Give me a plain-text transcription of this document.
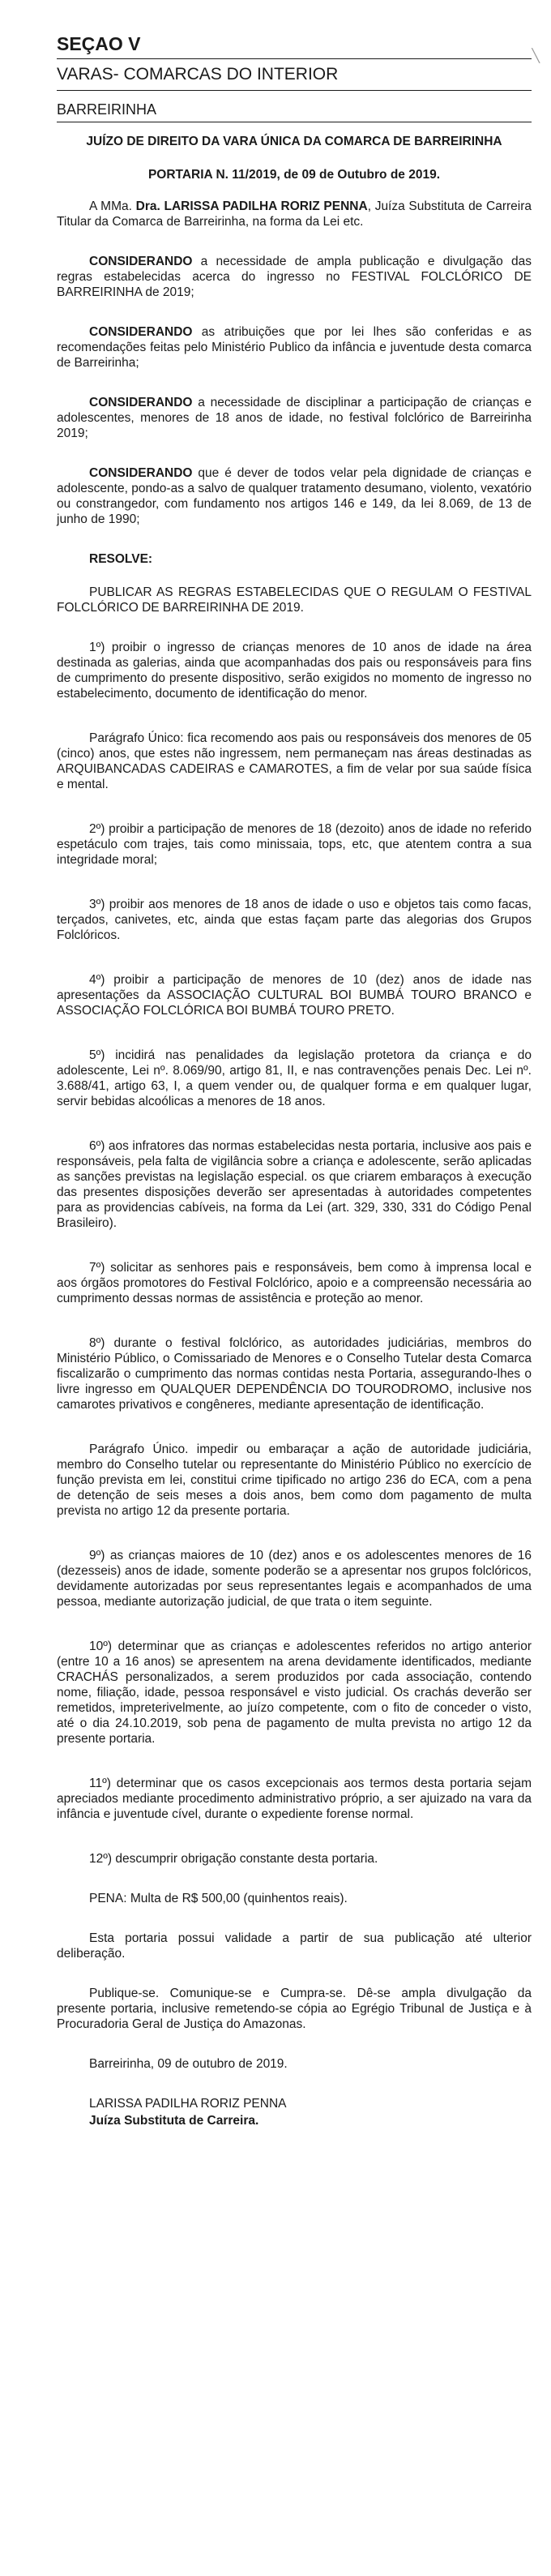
╲
SEÇAO V
VARAS- COMARCAS DO INTERIOR
BARREIRINHA
JUÍZO DE DIREITO DA VARA ÚNICA DA COMARCA DE BARREIRINHA
PORTARIA N. 11/2019, de 09 de Outubro de 2019.

A MMa. Dra. LARISSA PADILHA RORIZ PENNA, Juíza Substituta de Carreira Titular da Comarca de Barreirinha, na forma da Lei etc.

CONSIDERANDO a necessidade de ampla publicação e divulgação das regras estabelecidas acerca do ingresso no FESTIVAL FOLCLÓRICO DE BARREIRINHA de 2019;

CONSIDERANDO as atribuições que por lei lhes são conferidas e as recomendações feitas pelo Ministério Publico da infância e juventude desta comarca de Barreirinha;

CONSIDERANDO a necessidade de disciplinar a participação de crianças e adolescentes, menores de 18 anos de idade, no festival folclórico de Barreirinha 2019;

CONSIDERANDO que é dever de todos velar pela dignidade de crianças e adolescente, pondo-as a salvo de qualquer tratamento desumano, violento, vexatório ou constrangedor, com fundamento nos artigos 146 e 149, da lei 8.069, de 13 de junho de 1990;

RESOLVE:

PUBLICAR AS REGRAS ESTABELECIDAS QUE O REGULAM O FESTIVAL FOLCLÓRICO DE BARREIRINHA DE 2019.

1º) proibir o ingresso de crianças menores de 10 anos de idade na área destinada as galerias, ainda que acompanhadas dos pais ou responsáveis para fins de cumprimento do presente dispositivo, serão exigidos no momento de ingresso no estabelecimento, documento de identificação do menor.

Parágrafo Único: fica recomendo aos pais ou responsáveis dos menores de 05 (cinco) anos, que estes não ingressem, nem permaneçam nas áreas destinadas as ARQUIBANCADAS CADEIRAS e CAMAROTES, a fim de velar por sua saúde física e mental.

2º) proibir a participação de menores de 18 (dezoito) anos de idade no referido espetáculo com trajes, tais como minissaia, tops, etc, que atentem contra a sua integridade moral;

3º) proibir aos menores de 18 anos de idade o uso e objetos tais como facas, terçados, canivetes, etc, ainda que estas façam parte das alegorias dos Grupos Folclóricos.

4º) proibir a participação de menores de 10 (dez) anos de idade nas apresentações da ASSOCIAÇÃO CULTURAL BOI BUMBÁ TOURO BRANCO e ASSOCIAÇÃO FOLCLÓRICA BOI BUMBÁ TOURO PRETO.

5º) incidirá nas penalidades da legislação protetora da criança e do adolescente, Lei nº. 8.069/90, artigo 81, II, e nas contravenções penais Dec. Lei nº. 3.688/41, artigo 63, I, a quem vender ou, de qualquer forma e em qualquer lugar, servir bebidas alcoólicas a menores de 18 anos.

6º) aos infratores das normas estabelecidas nesta portaria, inclusive aos pais e responsáveis, pela falta de vigilância sobre a criança e adolescente, serão aplicadas as sanções previstas na legislação especial. os que criarem embaraços à execução das presentes disposições deverão ser apresentadas à autoridades competentes para as providencias cabíveis, na forma da Lei (art. 329, 330, 331 do Código Penal Brasileiro).

7º) solicitar as senhores pais e responsáveis, bem como à imprensa local e aos órgãos promotores do Festival Folclórico, apoio e a compreensão necessária ao cumprimento dessas normas de assistência e proteção ao menor.

8º) durante o festival folclórico, as autoridades judiciárias, membros do Ministério Público, o Comissariado de Menores e o Conselho Tutelar desta Comarca fiscalizarão o cumprimento das normas contidas nesta Portaria, assegurando-lhes o livre ingresso em QUALQUER DEPENDÊNCIA DO TOURODROMO, inclusive nos camarotes privativos e congêneres, mediante apresentação de identificação.

Parágrafo Único. impedir ou embaraçar a ação de autoridade judiciária, membro do Conselho tutelar ou representante do Ministério Público no exercício de função prevista em lei, constitui crime tipificado no artigo 236 do ECA, com a pena de detenção de seis meses a dois anos, bem como dom pagamento de multa prevista no artigo 12 da presente portaria.

9º) as crianças maiores de 10 (dez) anos e os adolescentes menores de 16 (dezesseis) anos de idade, somente poderão se a apresentar nos grupos folclóricos, devidamente autorizadas por seus representantes legais e acompanhados de uma pessoa, mediante autorização judicial, de que trata o item seguinte.

10º) determinar que as crianças e adolescentes referidos no artigo anterior (entre 10 a 16 anos) se apresentem na arena devidamente identificados, mediante CRACHÁS personalizados, a serem produzidos por cada associação, contendo nome, filiação, idade, pessoa responsável e visto judicial. Os crachás deverão ser remetidos, impreterivelmente, ao juízo competente, com o fito de conceder o visto, até o dia 24.10.2019, sob pena de pagamento de multa prevista no artigo 12 da presente portaria.

11º) determinar que os casos excepcionais aos termos desta portaria sejam apreciados mediante procedimento administrativo próprio, a ser ajuizado na vara da infância e juventude cível, durante o expediente forense normal.

12º) descumprir obrigação constante desta portaria.

PENA: Multa de R$ 500,00 (quinhentos reais).

Esta portaria possui validade a partir de sua publicação até ulterior deliberação.

Publique-se. Comunique-se e Cumpra-se. Dê-se ampla divulgação da presente portaria, inclusive remetendo-se cópia ao Egrégio Tribunal de Justiça e à Procuradoria Geral de Justiça do Amazonas.

Barreirinha, 09 de outubro de 2019.

LARISSA PADILHA RORIZ PENNA
Juíza Substituta de Carreira.
